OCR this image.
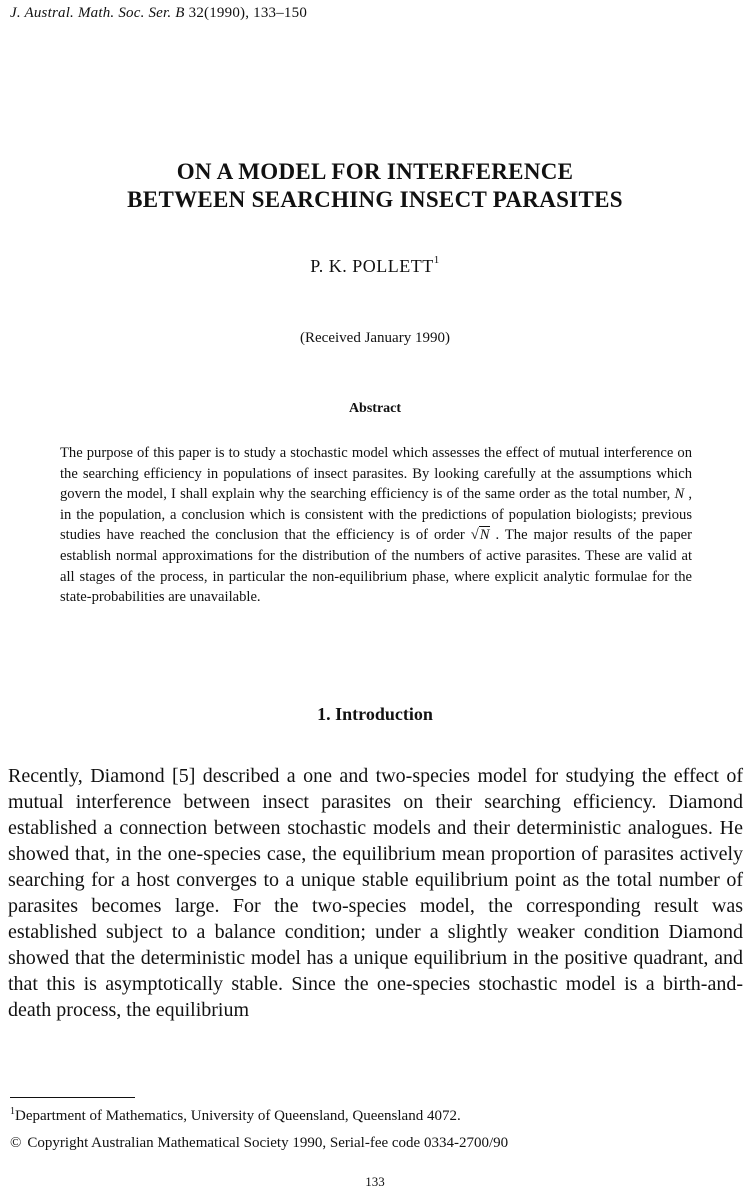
J. Austral. Math. Soc. Ser. B 32(1990), 133–150
ON A MODEL FOR INTERFERENCE
BETWEEN SEARCHING INSECT PARASITES
P. K. POLLETT$^1$
(Received January 1990)
Abstract
The purpose of this paper is to study a stochastic model which assesses the effect of mutual interference on the searching efficiency in populations of insect parasites. By looking carefully at the assumptions which govern the model, I shall explain why the searching efficiency is of the same order as the total number, N , in the population, a conclusion which is consistent with the predictions of population biologists; previous studies have reached the conclusion that the efficiency is of order √N . The major results of the paper establish normal approximations for the distribution of the numbers of active parasites. These are valid at all stages of the process, in particular the non-equilibrium phase, where explicit analytic formulae for the state-probabilities are unavailable.
1. Introduction
Recently, Diamond [5] described a one and two-species model for studying the effect of mutual interference between insect parasites on their searching efficiency. Diamond established a connection between stochastic models and their deterministic analogues. He showed that, in the one-species case, the equilibrium mean proportion of parasites actively searching for a host converges to a unique stable equilibrium point as the total number of parasites becomes large. For the two-species model, the corresponding result was established subject to a balance condition; under a slightly weaker condition Diamond showed that the deterministic model has a unique equilibrium in the positive quadrant, and that this is asymptotically stable. Since the one-species stochastic model is a birth-and-death process, the equilibrium
$^1$Department of Mathematics, University of Queensland, Queensland 4072.
© Copyright Australian Mathematical Society 1990, Serial-fee code 0334-2700/90
133
